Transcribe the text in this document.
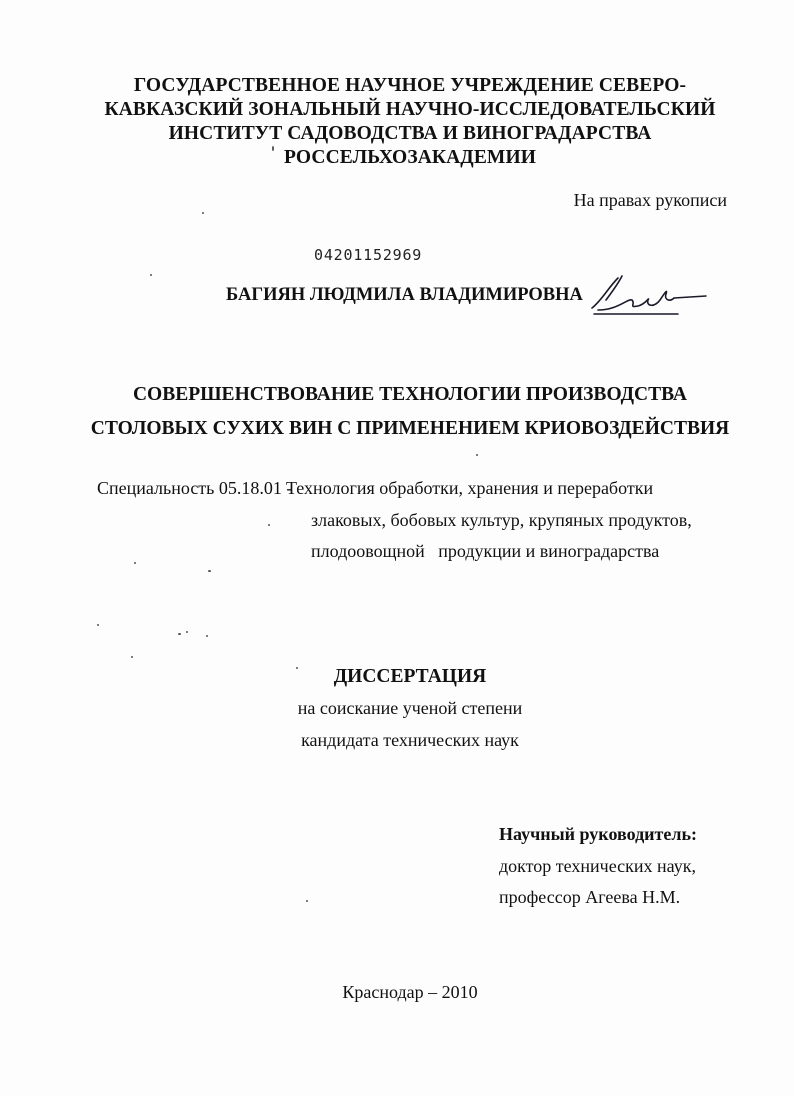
ГОСУДАРСТВЕННОЕ НАУЧНОЕ УЧРЕЖДЕНИЕ СЕВЕРО-
КАВКАЗСКИЙ ЗОНАЛЬНЫЙ НАУЧНО-ИССЛЕДОВАТЕЛЬСКИЙ
ИНСТИТУТ САДОВОДСТВА И ВИНОГРАДАРСТВА
РОССЕЛЬХОЗАКАДЕМИИ
На правах рукописи
04201152969
БАГИЯН ЛЮДМИЛА ВЛАДИМИРОВНА
СОВЕРШЕНСТВОВАНИЕ ТЕХНОЛОГИИ ПРОИЗВОДСТВА
СТОЛОВЫХ СУХИХ ВИН С ПРИМЕНЕНИЕМ КРИОВОЗДЕЙСТВИЯ
Специальность 05.18.01 -
Технология обработки, хранения и переработки
злаковых, бобовых культур, крупяных продуктов,
плодоовощной   продукции и виноградарства
ДИССЕРТАЦИЯ
на соискание ученой степени
кандидата технических наук
Научный руководитель:
доктор технических наук,
профессор Агеева Н.М.
Краснодар – 2010
